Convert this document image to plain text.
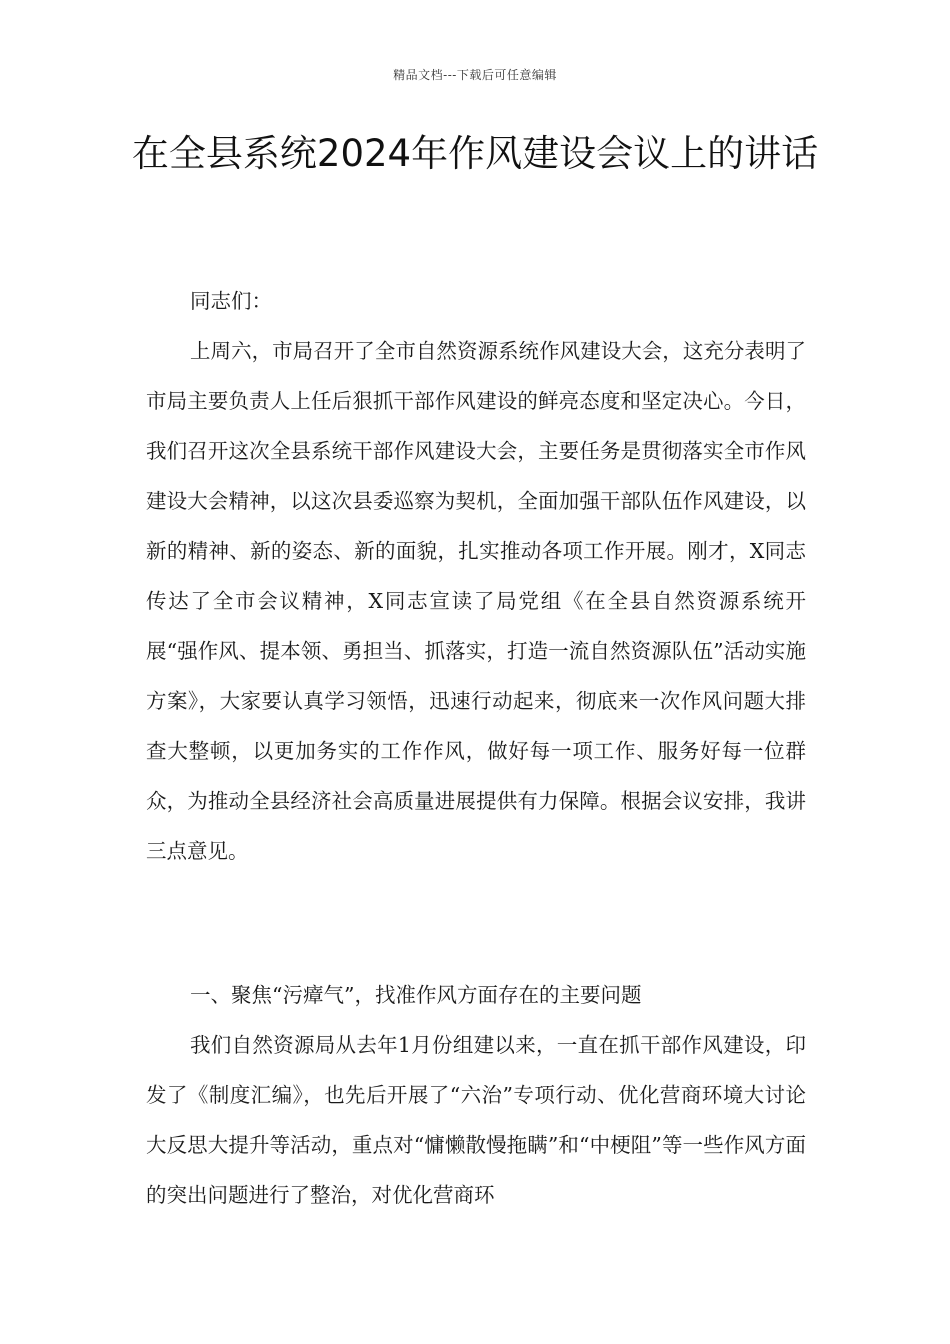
精品文档---下载后可任意编辑
在全县系统2024年作风建设会议上的讲话

同志们：

上周六，市局召开了全市自然资源系统作风建设大会，这充分表明了市局主要负责人上任后狠抓干部作风建设的鲜亮态度和坚定决心。今日，我们召开这次全县系统干部作风建设大会，主要任务是贯彻落实全市作风建设大会精神，以这次县委巡察为契机，全面加强干部队伍作风建设，以新的精神、新的姿态、新的面貌，扎实推动各项工作开展。刚才，X同志传达了全市会议精神，X同志宣读了局党组《在全县自然资源系统开展“强作风、提本领、勇担当、抓落实，打造一流自然资源队伍”活动实施方案》，大家要认真学习领悟，迅速行动起来，彻底来一次作风问题大排查大整顿，以更加务实的工作作风，做好每一项工作、服务好每一位群众，为推动全县经济社会高质量进展提供有力保障。根据会议安排，我讲三点意见。

一、聚焦“污瘴气”，找准作风方面存在的主要问题

我们自然资源局从去年1月份组建以来，一直在抓干部作风建设，印发了《制度汇编》，也先后开展了“六治”专项行动、优化营商环境大讨论大反思大提升等活动，重点对“慵懒散慢拖瞒”和“中梗阻”等一些作风方面的突出问题进行了整治，对优化营商环
